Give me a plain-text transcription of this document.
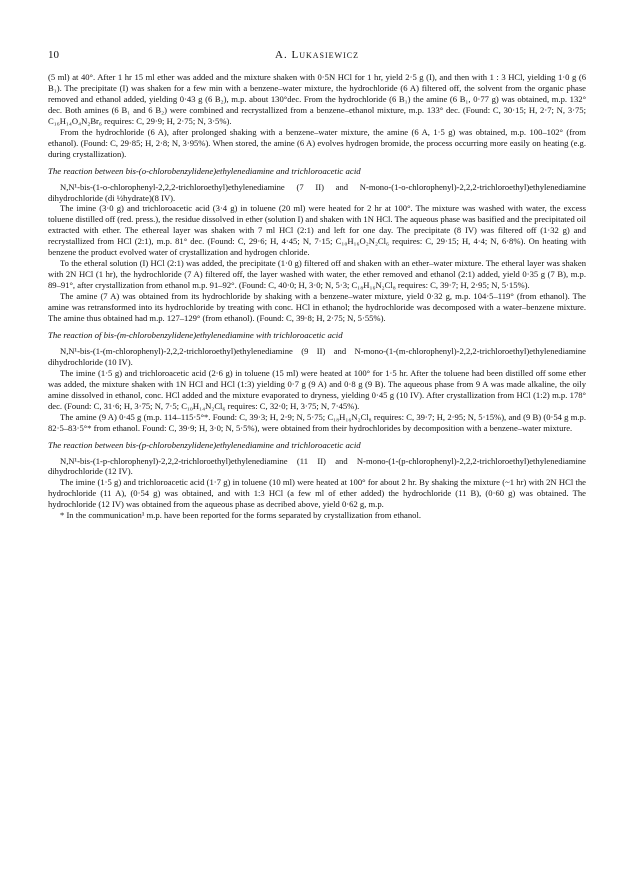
10	A. Lukasiewicz

(5 ml) at 40°. After 1 hr 15 ml ether was added and the mixture shaken with 0·5N HCl for 1 hr, yield 2·5 g (I), and then with 1 : 3 HCl, yielding 1·0 g (6 B₁). The precipitate (I) was shaken for a few min with a benzene–water mixture, the hydrochloride (6 A) filtered off, the solvent from the organic phase removed and ethanol added, yielding 0·43 g (6 B₂), m.p. about 130°dec. From the hydrochloride (6 B₁) the amine (6 B₁, 0·77 g) was obtained, m.p. 132° dec. Both amines (6 B₁ and 6 B₂) were combined and recrystallized from a benzene–ethanol mixture, m.p. 133° dec. (Found: C, 30·15; H, 2·7; N, 3·75; C₁₆H₁₄O₄N₂Br₆ requires: C, 29·9; H, 2·75; N, 3·5%).

From the hydrochloride (6 A), after prolonged shaking with a benzene–water mixture, the amine (6 A, 1·5 g) was obtained, m.p. 100–102° (from ethanol). (Found: C, 29·85; H, 2·8; N, 3·95%). When stored, the amine (6 A) evolves hydrogen bromide, the process occurring more easily on heating (e.g. during crystallization).

The reaction between bis-(o-chlorobenzylidene)ethylenediamine and trichloroacetic acid

N,N¹-bis-(1-o-chlorophenyl-2,2,2-trichloroethyl)ethylenediamine (7 II) and N-mono-(1-o-chlorophenyl)-2,2,2-trichloroethyl)ethylenediamine dihydrochloride (di ½hydrate)(8 IV).

The imine (3·0 g) and trichloroacetic acid (3·4 g) in toluene (20 ml) were heated for 2 hr at 100°. The mixture was washed with water, the excess toluene distilled off (red. press.), the residue dissolved in ether (solution I) and shaken with 1N HCl. The aqueous phase was basified and the precipitated oil extracted with ether. The ethereal layer was shaken with 7 ml HCl (2:1) and left for one day. The precipitate (8 IV) was filtered off (1·32 g) and recrystallized from HCl (2:1), m.p. 81° dec. (Found: C, 29·6; H, 4·45; N, 7·15; C₁₀H₁₆O₂N₂Cl₆ requires: C, 29·15; H, 4·4; N, 6·8%). On heating with benzene the product evolved water of crystallization and hydrogen chloride.

To the etheral solution (I) HCl (2:1) was added, the precipitate (1·0 g) filtered off and shaken with an ether–water mixture. The etheral layer was shaken with 2N HCl (1 hr), the hydrochloride (7 A) filtered off, the layer washed with water, the ether removed and ethanol (2:1) added, yield 0·35 g (7 B), m.p. 89–91°, after crystallization from ethanol m.p. 91–92°. (Found: C, 40·0; H, 3·0; N, 5·3; C₁₈H₁₆N₂Cl₈ requires: C, 39·7; H, 2·95; N, 5·15%).

The amine (7 A) was obtained from its hydrochloride by shaking with a benzene–water mixture, yield 0·32 g, m.p. 104·5–119° (from ethanol). The amine was retransformed into its hydrochloride by treating with conc. HCl in ethanol; the hydrochloride was decomposed with a water–benzene mixture. The amine thus obtained had m.p. 127–129° (from ethanol). (Found: C, 39·8; H, 2·75; N, 5·55%).

The reaction of bis-(m-chlorobenzylidene)ethylenediamine with trichloroacetic acid

N,N¹-bis-(1-(m-chlorophenyl)-2,2,2-trichloroethyl)ethylenediamine (9 II) and N-mono-(1-(m-chlorophenyl)-2,2,2-trichloroethyl)ethylenediamine dihydrochloride (10 IV).

The imine (1·5 g) and trichloroacetic acid (2·6 g) in toluene (15 ml) were heated at 100° for 1·5 hr. After the toluene had been distilled off some ether was added, the mixture shaken with 1N HCl and HCl (1:3) yielding 0·7 g (9 A) and 0·8 g (9 B). The aqueous phase from 9 A was made alkaline, the oily amine dissolved in ethanol, conc. HCl added and the mixture evaporated to dryness, yielding 0·45 g (10 IV). After crystallization from HCl (1:2) m.p. 178° dec. (Found: C, 31·6; H, 3·75; N, 7·5; C₁₀H₁₄N₂Cl₆ requires: C, 32·0; H, 3·75; N, 7·45%).

The amine (9 A) 0·45 g (m.p. 114–115·5°*. Found: C, 39·3; H, 2·9; N, 5·75; C₁₈H₁₆N₂Cl₈ requires: C, 39·7; H, 2·95; N, 5·15%), and (9 B) (0·54 g m.p. 82·5–83·5°* from ethanol. Found: C, 39·9; H, 3·0; N, 5·5%), were obtained from their hydrochlorides by decomposition with a benzene–water mixture.

The reaction between bis-(p-chlorobenzylidene)ethylenediamine and trichloroacetic acid

N,N¹-bis-(1-p-chlorophenyl)-2,2,2-trichloroethyl)ethylenediamine (11 II) and N-mono-(1-(p-chlorophenyl)-2,2,2-trichloroethyl)ethylenediamine dihydrochloride (12 IV).

The imine (1·5 g) and trichloroacetic acid (1·7 g) in toluene (10 ml) were heated at 100° for about 2 hr. By shaking the mixture (~1 hr) with 2N HCl the hydrochloride (11 A), (0·54 g) was obtained, and with 1:3 HCl (a few ml of ether added) the hydrochloride (11 B), (0·60 g) was obtained. The hydrochloride (12 IV) was obtained from the aqueous phase as decribed above, yield 0·62 g, m.p.

* In the communication¹ m.p. have been reported for the forms separated by crystallization from ethanol.
